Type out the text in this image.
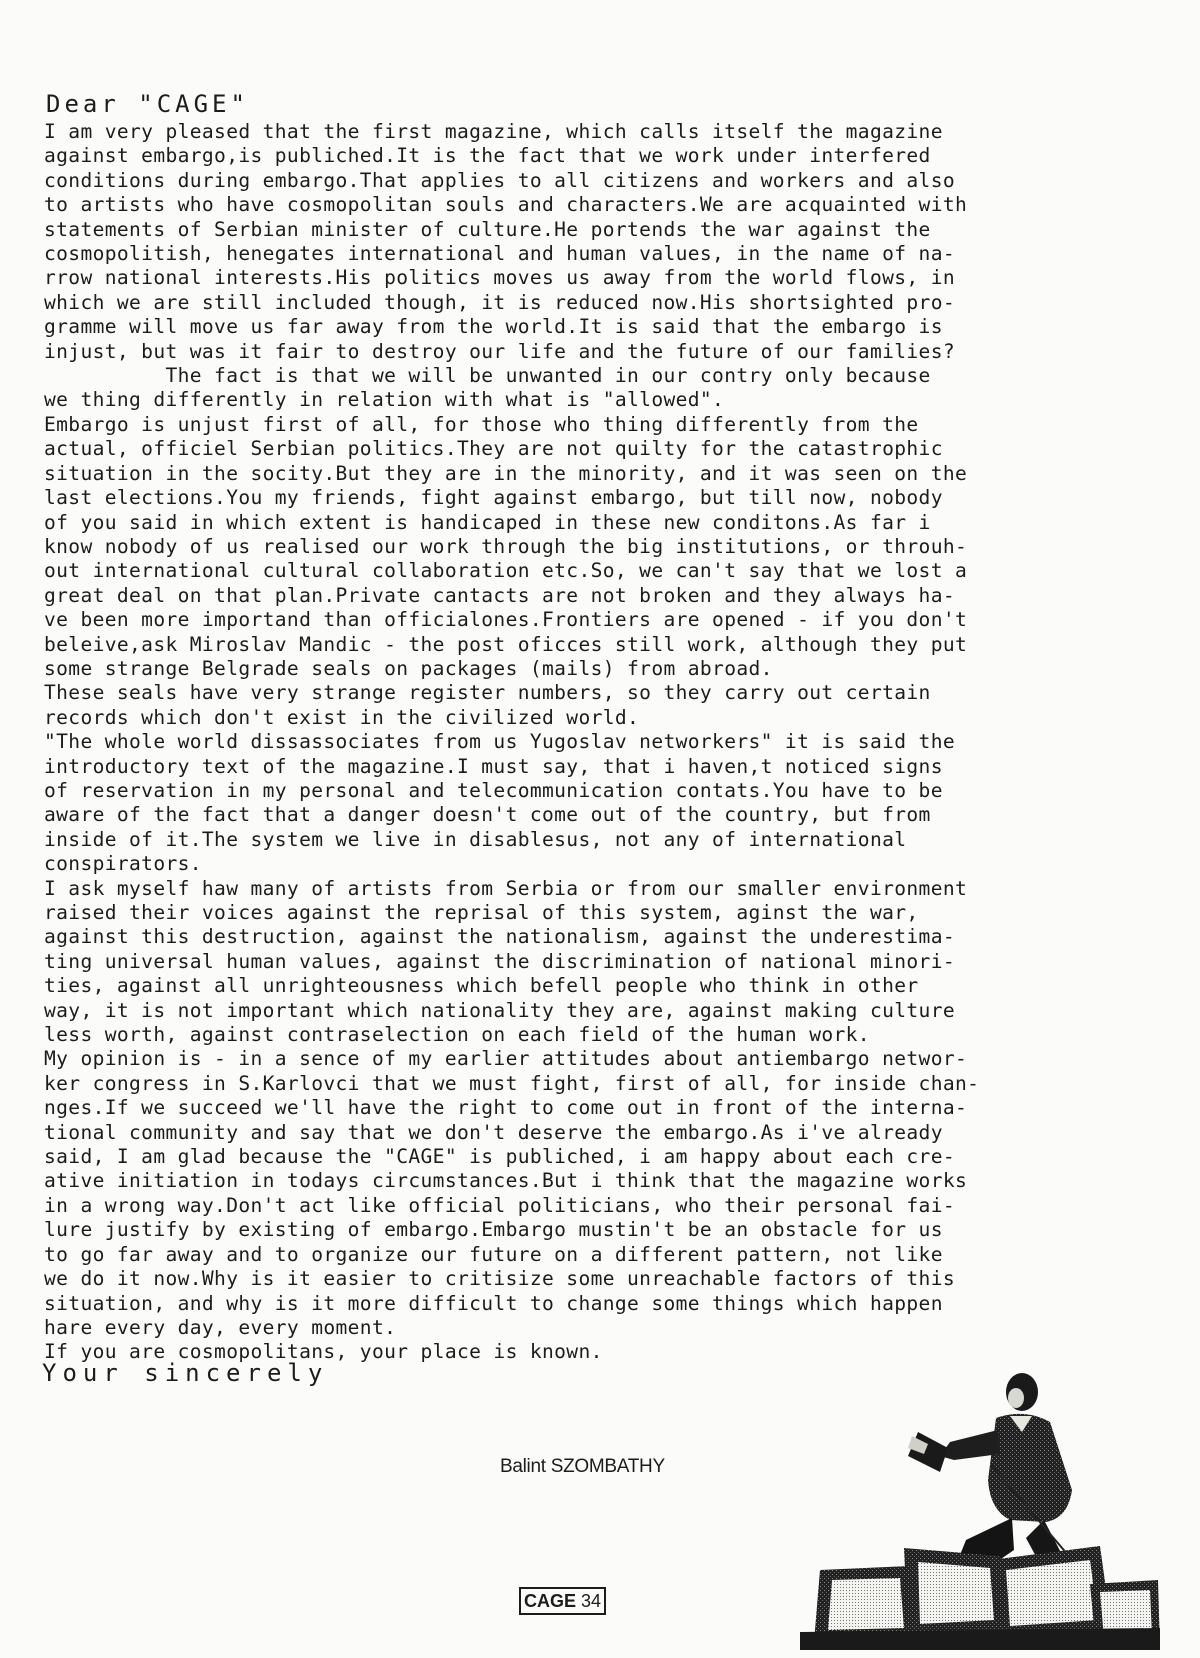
Dear "CAGE"

I am very pleased that the first magazine, which calls itself the magazine
against embargo,is publiched.It is the fact that we work under interfered
conditions during embargo.That applies to all citizens and workers and also
to artists who have cosmopolitan souls and characters.We are acquainted with
statements of Serbian minister of culture.He portends the war against the
cosmopolitish, henegates international and human values, in the name of na-
rrow national interests.His politics moves us away from the world flows, in
which we are still included though, it is reduced now.His shortsighted pro-
gramme will move us far away from the world.It is said that the embargo is
injust, but was it fair to destroy our life and the future of our families?
The fact is that we will be unwanted in our contry only because
we thing differently in relation with what is "allowed".
Embargo is unjust first of all, for those who thing differently from the
actual, officiel Serbian politics.They are not quilty for the catastrophic
situation in the socity.But they are in the minority, and it was seen on the
last elections.You my friends, fight against embargo, but till now, nobody
of you said in which extent is handicaped in these new conditons.As far i
know nobody of us realised our work through the big institutions, or throuh-
out international cultural collaboration etc.So, we can't say that we lost a
great deal on that plan.Private cantacts are not broken and they always ha-
ve been more importand than officialones.Frontiers are opened - if you don't
beleive,ask Miroslav Mandic - the post oficces still work, although they put
some strange Belgrade seals on packages (mails) from abroad.
These seals have very strange register numbers, so they carry out certain
records which don't exist in the civilized world.
"The whole world dissassociates from us Yugoslav networkers" it is said the
introductory text of the magazine.I must say, that i haven,t noticed signs
of reservation in my personal and telecommunication contats.You have to be
aware of the fact that a danger doesn't come out of the country, but from
inside of it.The system we live in disablesus, not any of international
conspirators.
I ask myself haw many of artists from Serbia or from our smaller environment
raised their voices against the reprisal of this system, aginst the war,
against this destruction, against the nationalism, against the underestima-
ting universal human values, against the discrimination of national minori-
ties, against all unrighteousness which befell people who think in other
way, it is not important which nationality they are, against making culture
less worth, against contraselection on each field of the human work.
My opinion is - in a sence of my earlier attitudes about antiembargo networ-
ker congress in S.Karlovci that we must fight, first of all, for inside chan-
nges.If we succeed we'll have the right to come out in front of the interna-
tional community and say that we don't deserve the embargo.As i've already
said, I am glad because the "CAGE" is publiched, i am happy about each cre-
ative initiation in todays circumstances.But i think that the magazine works
in a wrong way.Don't act like official politicians, who their personal fai-
lure justify by existing of embargo.Embargo mustin't be an obstacle for us
to go far away and to organize our future on a different pattern, not like
we do it now.Why is it easier to critisize some unreachable factors of this
situation, and why is it more difficult to change some things which happen
hare every day, every moment.
If you are cosmopolitans, your place is known.

Your sincerely

Balint SZOMBATHY

CAGE 34
